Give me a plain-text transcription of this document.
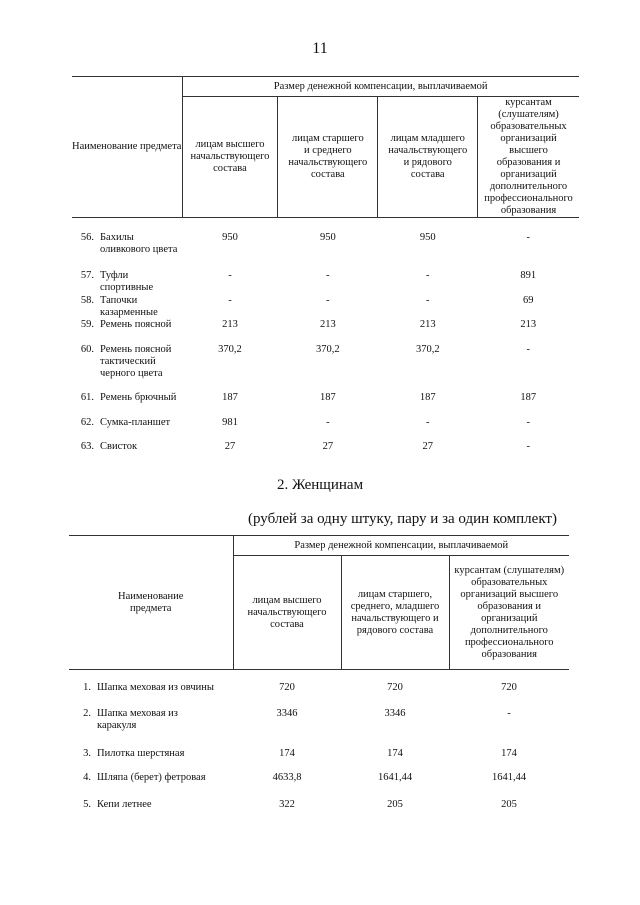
11
Наименование предмета	Размер денежной компенсации, выплачиваемой			
	лицам высшего начальствующего состава	лицам старшего и среднего начальствующего состава	лицам младшего начальствующего и рядового состава	курсантам (слушателям) образовательных организаций высшего образования и организаций дополнительного профессионального образования

56. Бахилы оливкового цвета	950	950	950	-

57. Туфли спортивные	-	-	-	891

58. Тапочки казарменные	-	-	-	69

59. Ремень поясной	213	213	213	213

60. Ремень поясной тактический черного цвета	370,2	370,2	370,2	-

61. Ремень брючный	187	187	187	187

62. Сумка-планшет	981	-	-	-

63. Свисток	27	27	27	-
2. Женщинам
(рублей за одну штуку, пару и за один комплект)
Наименование предмета	Размер денежной компенсации, выплачиваемой		
	лицам высшего начальствующего состава	лицам старшего, среднего, младшего начальствующего и рядового состава	курсантам (слушателям) образовательных организаций высшего образования и организаций дополнительного профессионального образования

1. Шапка меховая из овчины	720	720	720

2. Шапка меховая из каракуля	3346	3346	-

3. Пилотка шерстяная	174	174	174

4. Шляпа (берет) фетровая	4633,8	1641,44	1641,44

5. Кепи летнее	322	205	205
